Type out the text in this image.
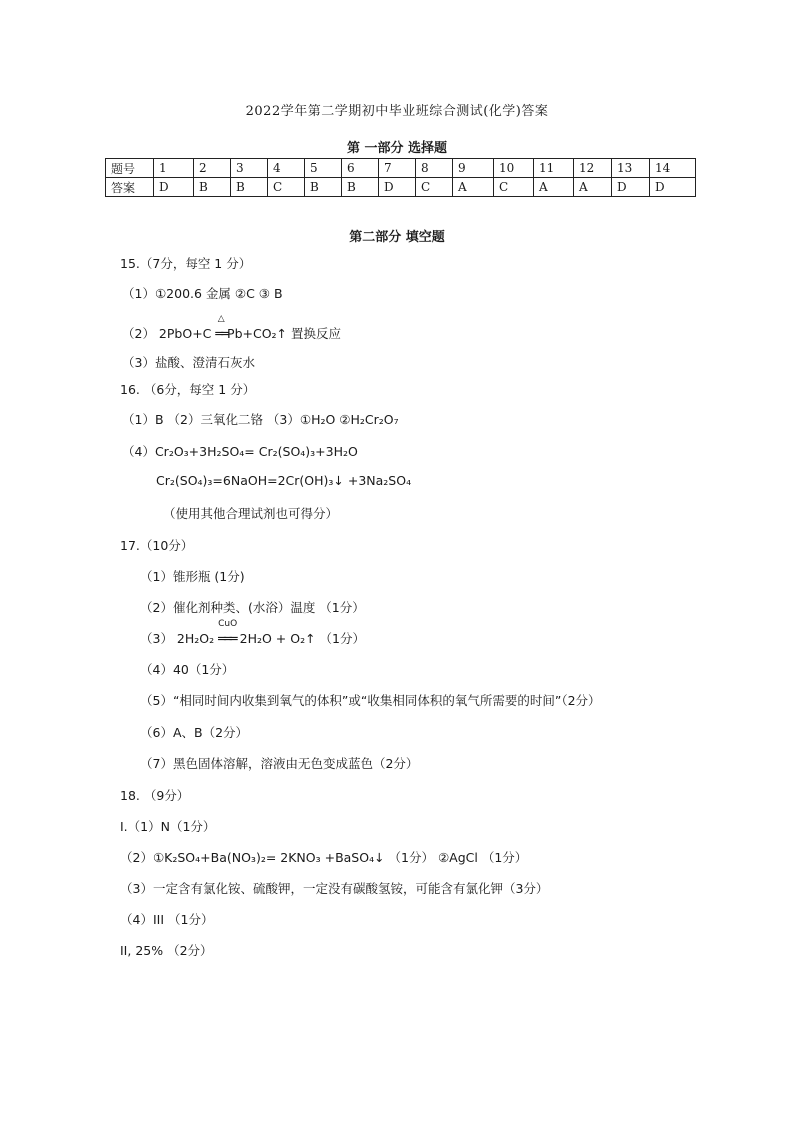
2022学年第二学期初中毕业班综合测试(化学)答案
第 一部分 选择题
题号	1	2	3	4	5	6	7	8	9	10	11	12	13	14
答案	D	B	B	C	B	B	D	C	A	C	A	A	D	D
第二部分 填空题
15.（7分，每空 1 分）
（1）①200.6 金属 ②C ③ B
（2） 2PbO+C
△
══Pb+CO₂↑ 置换反应
（3）盐酸、澄清石灰水
16. （6分，每空 1 分）
（1）B （2）三氧化二铬 （3）①H₂O ②H₂Cr₂O₇
（4）Cr₂O₃+3H₂SO₄= Cr₂(SO₄)₃+3H₂O
Cr₂(SO₄)₃=6NaOH=2Cr(OH)₃↓ +3Na₂SO₄
（使用其他合理试剂也可得分）
17.（10分）
（1）锥形瓶 (1分)
（2）催化剂种类、(水浴）温度 （1分）
（3） 2H₂O₂
CuO
═══ 2H₂O + O₂↑ （1分）
（4）40（1分）
（5）“相同时间内收集到氧气的体积”或“收集相同体积的氧气所需要的时间”（2分）
（6）A、B（2分）
（7）黑色固体溶解，溶液由无色变成蓝色（2分）
18. （9分）
I.（1）N（1分）
（2）①K₂SO₄+Ba(NO₃)₂= 2KNO₃ +BaSO₄↓ （1分） ②AgCl （1分）
（3）一定含有氯化铵、硫酸钾，一定没有碳酸氢铵，可能含有氯化钾（3分）
（4）III （1分）
II, 25% （2分）
